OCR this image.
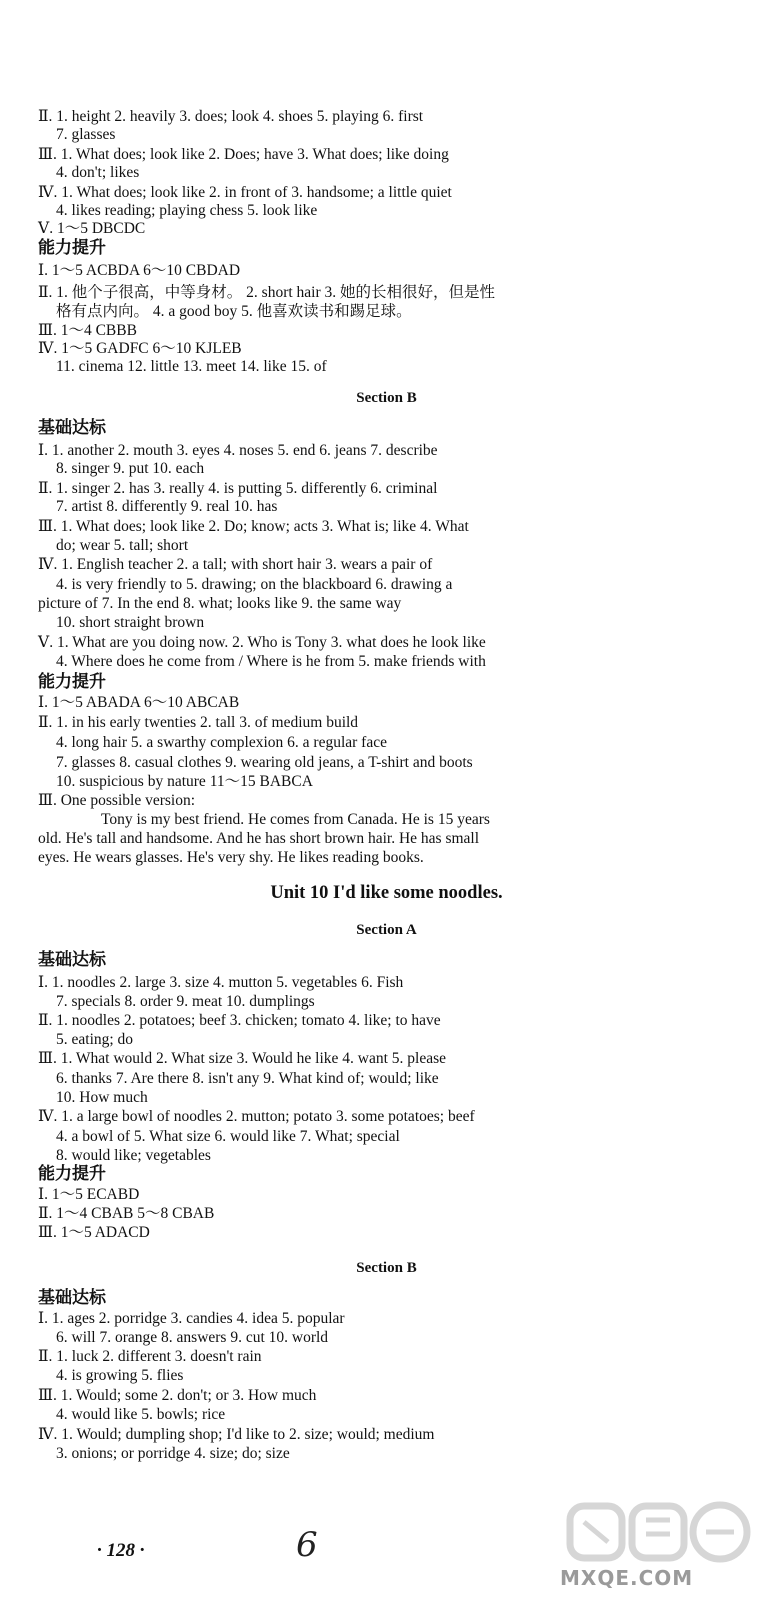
Ⅱ. 1. height 2. heavily 3. does; look 4. shoes 5. playing 6. first
7. glasses
Ⅲ. 1. What does; look like 2. Does; have 3. What does; like doing
4. don't; likes
Ⅳ. 1. What does; look like 2. in front of 3. handsome; a little quiet
4. likes reading; playing chess 5. look like
Ⅴ. 1～5 DBCDC
能力提升
Ⅰ. 1～5 ACBDA 6～10 CBDAD
Ⅱ. 1. 他个子很高，中等身材。 2. short hair 3. 她的长相很好，但是性
格有点内向。 4. a good boy 5. 他喜欢读书和踢足球。
Ⅲ. 1～4 CBBB
Ⅳ. 1～5 GADFC 6～10 KJLEB
11. cinema 12. little 13. meet 14. like 15. of
Section B
基础达标
Ⅰ. 1. another 2. mouth 3. eyes 4. noses 5. end 6. jeans 7. describe
8. singer 9. put 10. each
Ⅱ. 1. singer 2. has 3. really 4. is putting 5. differently 6. criminal
7. artist 8. differently 9. real 10. has
Ⅲ. 1. What does; look like 2. Do; know; acts 3. What is; like 4. What
do; wear 5. tall; short
Ⅳ. 1. English teacher 2. a tall; with short hair 3. wears a pair of
4. is very friendly to 5. drawing; on the blackboard 6. drawing a
picture of 7. In the end 8. what; looks like 9. the same way
10. short straight brown
Ⅴ. 1. What are you doing now. 2. Who is Tony 3. what does he look like
4. Where does he come from / Where is he from 5. make friends with
能力提升
Ⅰ. 1～5 ABADA 6～10 ABCAB
Ⅱ. 1. in his early twenties 2. tall 3. of medium build
4. long hair 5. a swarthy complexion 6. a regular face
7. glasses 8. casual clothes 9. wearing old jeans, a T-shirt and boots
10. suspicious by nature 11～15 BABCA
Ⅲ. One possible version:
Tony is my best friend. He comes from Canada. He is 15 years
old. He's tall and handsome. And he has short brown hair. He has small
eyes. He wears glasses. He's very shy. He likes reading books.
Unit 10 I'd like some noodles.
Section A
基础达标
Ⅰ. 1. noodles 2. large 3. size 4. mutton 5. vegetables 6. Fish
7. specials 8. order 9. meat 10. dumplings
Ⅱ. 1. noodles 2. potatoes; beef 3. chicken; tomato 4. like; to have
5. eating; do
Ⅲ. 1. What would 2. What size 3. Would he like 4. want 5. please
6. thanks 7. Are there 8. isn't any 9. What kind of; would; like
10. How much
Ⅳ. 1. a large bowl of noodles 2. mutton; potato 3. some potatoes; beef
4. a bowl of 5. What size 6. would like 7. What; special
8. would like; vegetables
能力提升
Ⅰ. 1～5 ECABD
Ⅱ. 1～4 CBAB 5～8 CBAB
Ⅲ. 1～5 ADACD
Section B
基础达标
Ⅰ. 1. ages 2. porridge 3. candies 4. idea 5. popular
6. will 7. orange 8. answers 9. cut 10. world
Ⅱ. 1. luck 2. different 3. doesn't rain
4. is growing 5. flies
Ⅲ. 1. Would; some 2. don't; or 3. How much
4. would like 5. bowls; rice
Ⅳ. 1. Would; dumpling shop; I'd like to 2. size; would; medium
3. onions; or porridge 4. size; do; size
· 128 ·	6
MXQE.COM
